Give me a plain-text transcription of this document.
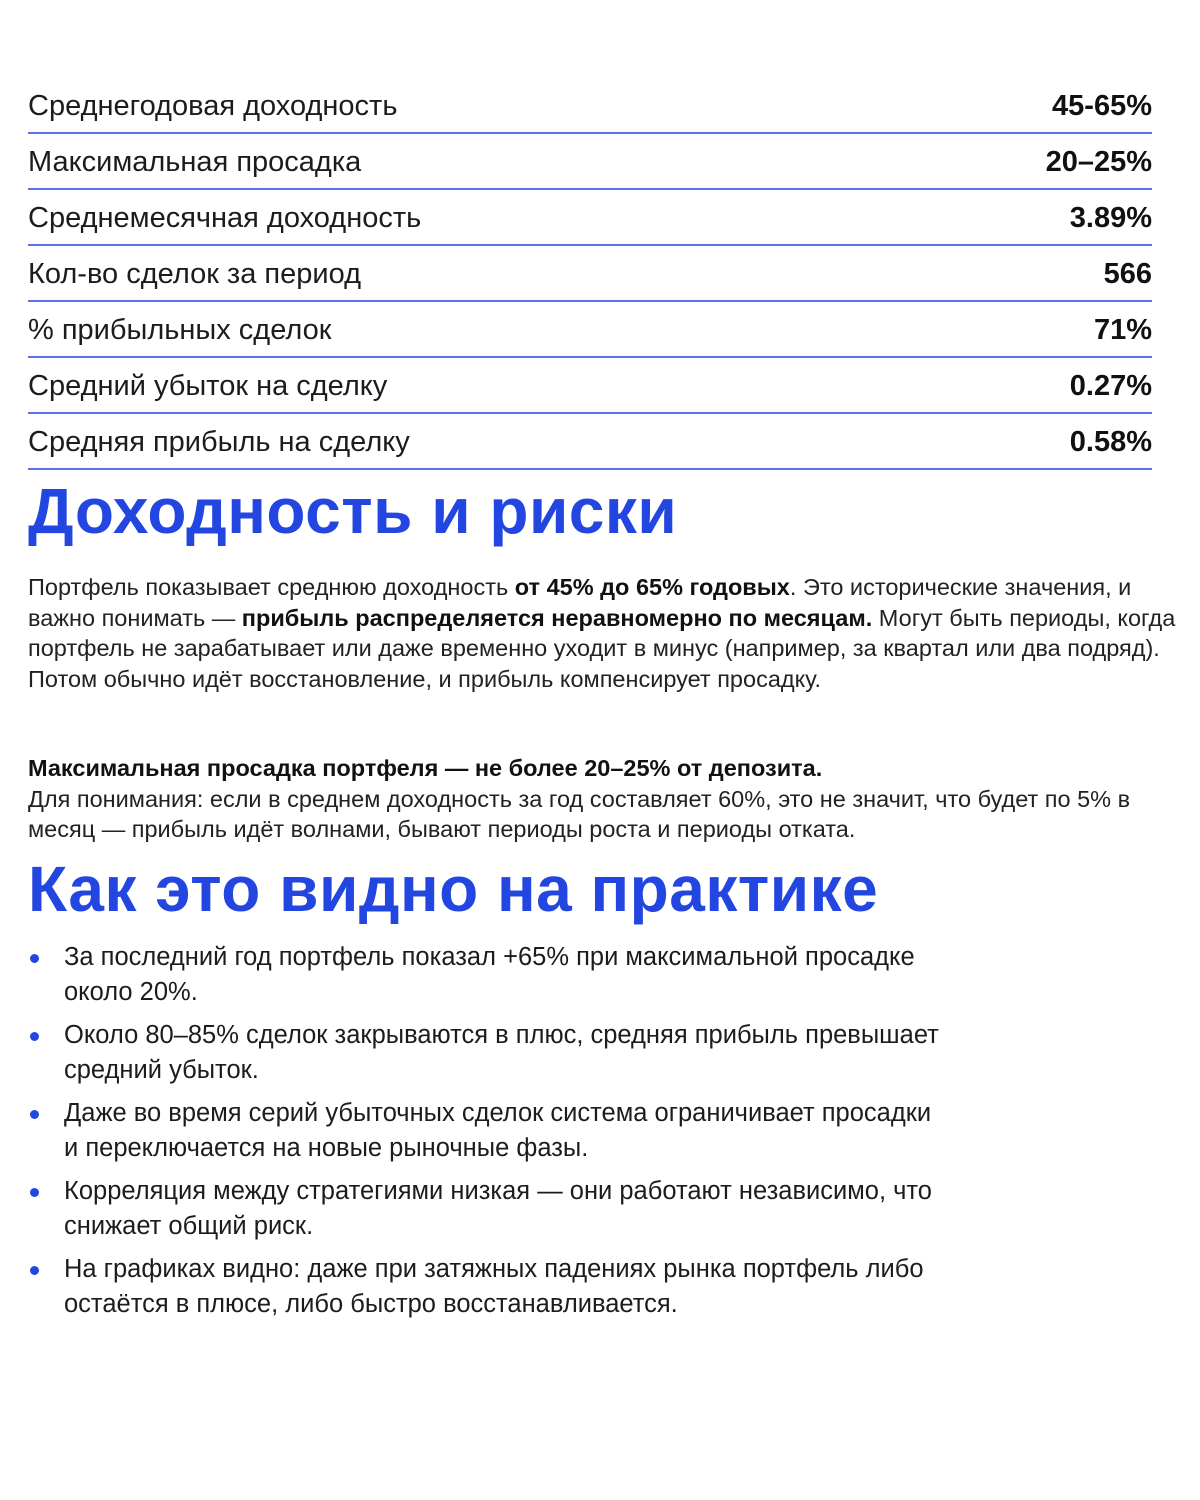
Среднегодовая доходность	45-65%
Максимальная просадка	20–25%
Среднемесячная доходность	3.89%
Кол-во сделок за период	566
% прибыльных сделок	71%
Средний убыток на сделку	0.27%
Средняя прибыль на сделку	0.58%
Доходность и риски

Портфель показывает среднюю доходность от 45% до 65% годовых. Это исторические значения, и важно понимать — прибыль распределяется неравномерно по месяцам. Могут быть периоды, когда портфель не зарабатывает или даже временно уходит в минус (например, за квартал или два подряд). Потом обычно идёт восстановление, и прибыль компенсирует просадку.

Максимальная просадка портфеля — не более 20–25% от депозита.
Для понимания: если в среднем доходность за год составляет 60%, это не значит, что будет по 5% в месяц — прибыль идёт волнами, бывают периоды роста и периоды отката.

Как это видно на практике
За последний год портфель показал +65% при максимальной просадке около 20%.
Около 80–85% сделок закрываются в плюс, средняя прибыль превышает средний убыток.
Даже во время серий убыточных сделок система ограничивает просадки и переключается на новые рыночные фазы.
Корреляция между стратегиями низкая — они работают независимо, что снижает общий риск.
На графиках видно: даже при затяжных падениях рынка портфель либо остаётся в плюсе, либо быстро восстанавливается.
